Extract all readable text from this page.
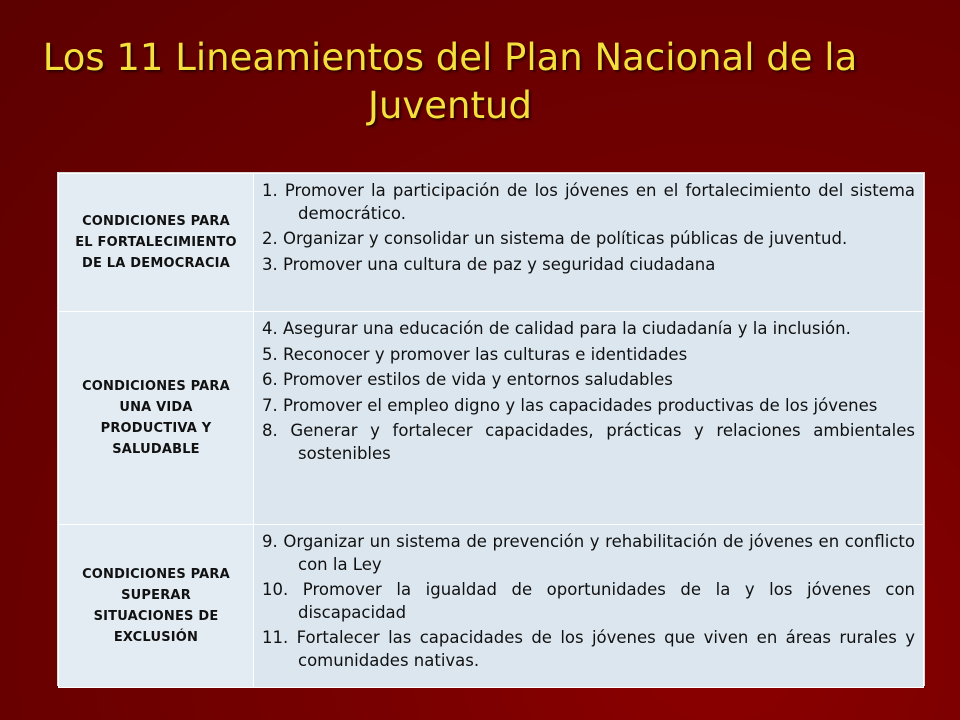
Los 11 Lineamientos del Plan Nacional de la
Juventud
CONDICIONES PARA EL FORTALECIMIENTO DE LA DEMOCRACIA	1. Promover la participación de los jóvenes en el fortalecimiento del sistema democrático.
2. Organizar y consolidar un sistema de políticas públicas de juventud.
3. Promover una cultura de paz y seguridad ciudadana

CONDICIONES PARA UNA VIDA PRODUCTIVA Y SALUDABLE	4. Asegurar una educación de calidad para la ciudadanía y la inclusión.
5. Reconocer y promover las culturas e identidades
6. Promover estilos de vida y entornos saludables
7. Promover el empleo digno y las capacidades productivas de los jóvenes
8. Generar y fortalecer capacidades, prácticas y relaciones ambientales sostenibles

CONDICIONES PARA SUPERAR SITUACIONES DE EXCLUSIÓN	9. Organizar un sistema de prevención y rehabilitación de jóvenes en conflicto con la Ley
10. Promover la igualdad de oportunidades de la y los jóvenes con discapacidad
11. Fortalecer las capacidades de los jóvenes que viven en áreas rurales y comunidades nativas.
